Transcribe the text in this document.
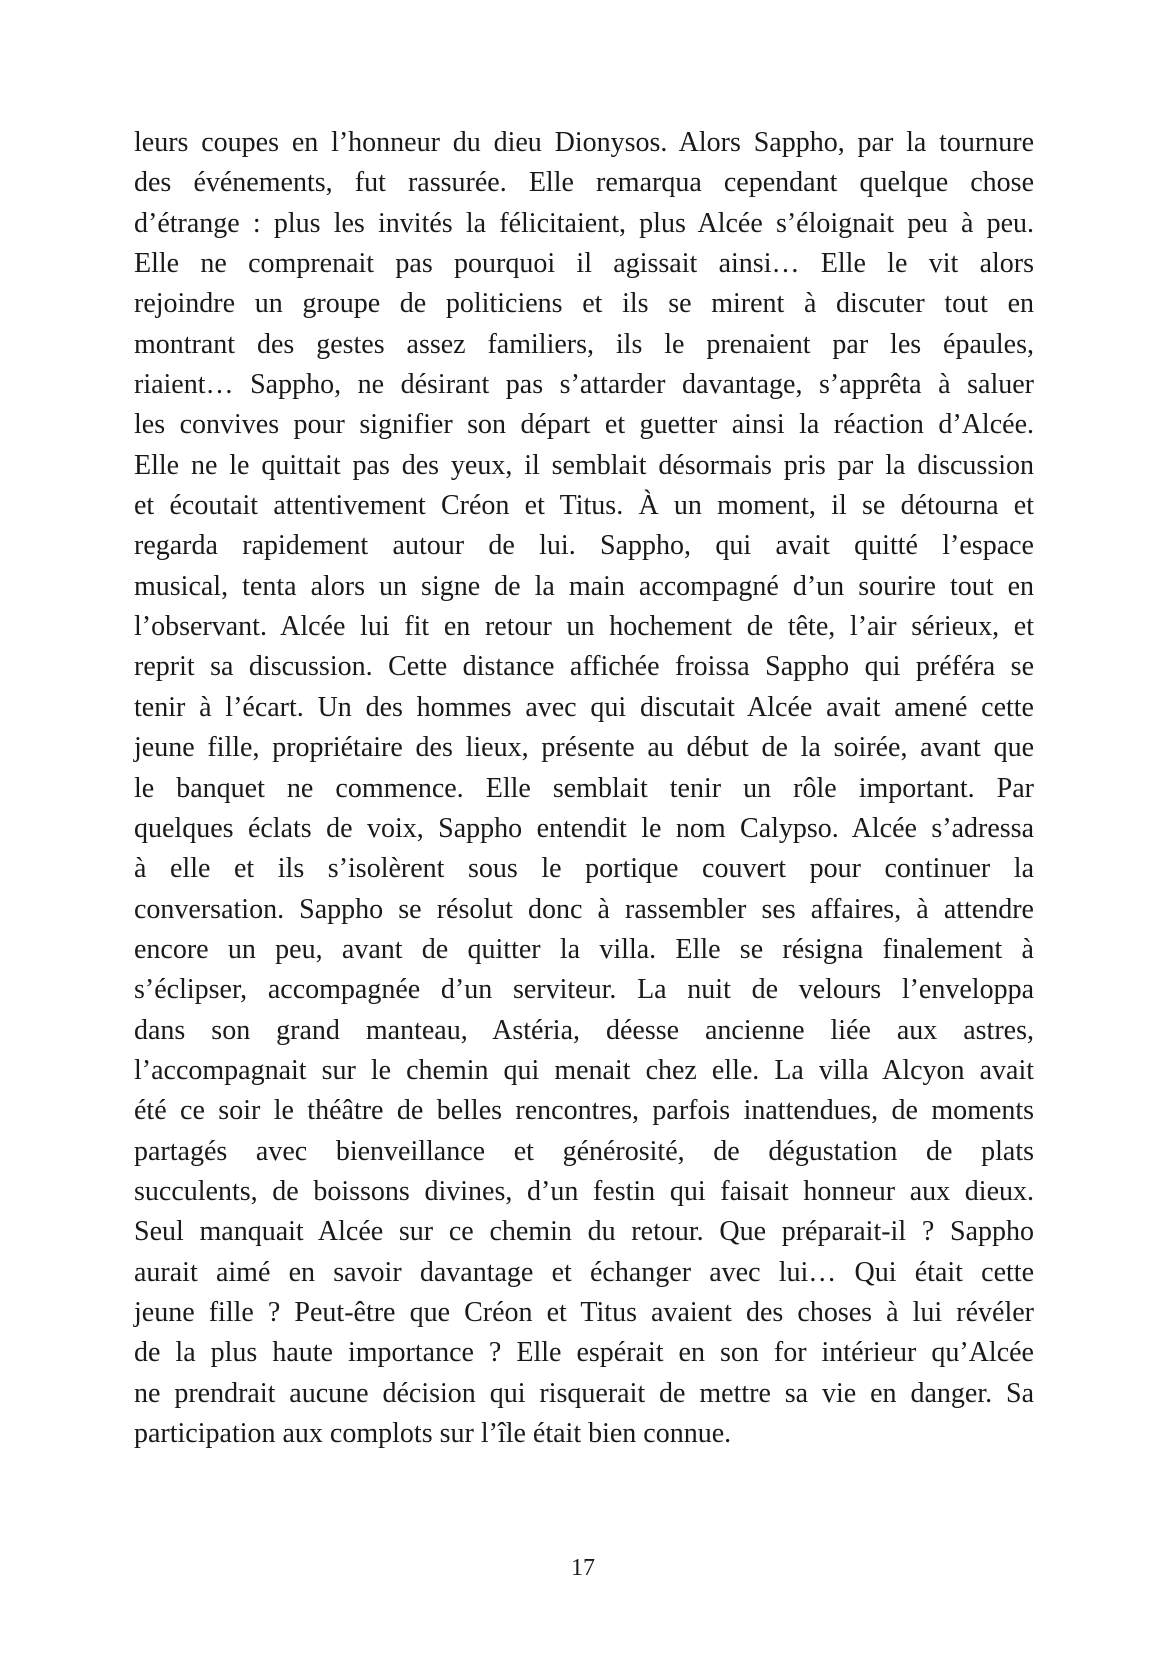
leurs coupes en l’honneur du dieu Dionysos. Alors Sappho, par la tournure
des événements, fut rassurée. Elle remarqua cependant quelque chose
d’étrange : plus les invités la félicitaient, plus Alcée s’éloignait peu à peu.
Elle ne comprenait pas pourquoi il agissait ainsi… Elle le vit alors
rejoindre un groupe de politiciens et ils se mirent à discuter tout en
montrant des gestes assez familiers, ils le prenaient par les épaules,
riaient… Sappho, ne désirant pas s’attarder davantage, s’apprêta à saluer
les convives pour signifier son départ et guetter ainsi la réaction d’Alcée.
Elle ne le quittait pas des yeux, il semblait désormais pris par la discussion
et écoutait attentivement Créon et Titus. À un moment, il se détourna et
regarda rapidement autour de lui. Sappho, qui avait quitté l’espace
musical, tenta alors un signe de la main accompagné d’un sourire tout en
l’observant. Alcée lui fit en retour un hochement de tête, l’air sérieux, et
reprit sa discussion. Cette distance affichée froissa Sappho qui préféra se
tenir à l’écart. Un des hommes avec qui discutait Alcée avait amené cette
jeune fille, propriétaire des lieux, présente au début de la soirée, avant que
le banquet ne commence. Elle semblait tenir un rôle important. Par
quelques éclats de voix, Sappho entendit le nom Calypso. Alcée s’adressa
à elle et ils s’isolèrent sous le portique couvert pour continuer la
conversation. Sappho se résolut donc à rassembler ses affaires, à attendre
encore un peu, avant de quitter la villa. Elle se résigna finalement à
s’éclipser, accompagnée d’un serviteur. La nuit de velours l’enveloppa
dans son grand manteau, Astéria, déesse ancienne liée aux astres,
l’accompagnait sur le chemin qui menait chez elle. La villa Alcyon avait
été ce soir le théâtre de belles rencontres, parfois inattendues, de moments
partagés avec bienveillance et générosité, de dégustation de plats
succulents, de boissons divines, d’un festin qui faisait honneur aux dieux.
Seul manquait Alcée sur ce chemin du retour. Que préparait-il ? Sappho
aurait aimé en savoir davantage et échanger avec lui… Qui était cette
jeune fille ? Peut-être que Créon et Titus avaient des choses à lui révéler
de la plus haute importance ? Elle espérait en son for intérieur qu’Alcée
ne prendrait aucune décision qui risquerait de mettre sa vie en danger. Sa
participation aux complots sur l’île était bien connue.
17
